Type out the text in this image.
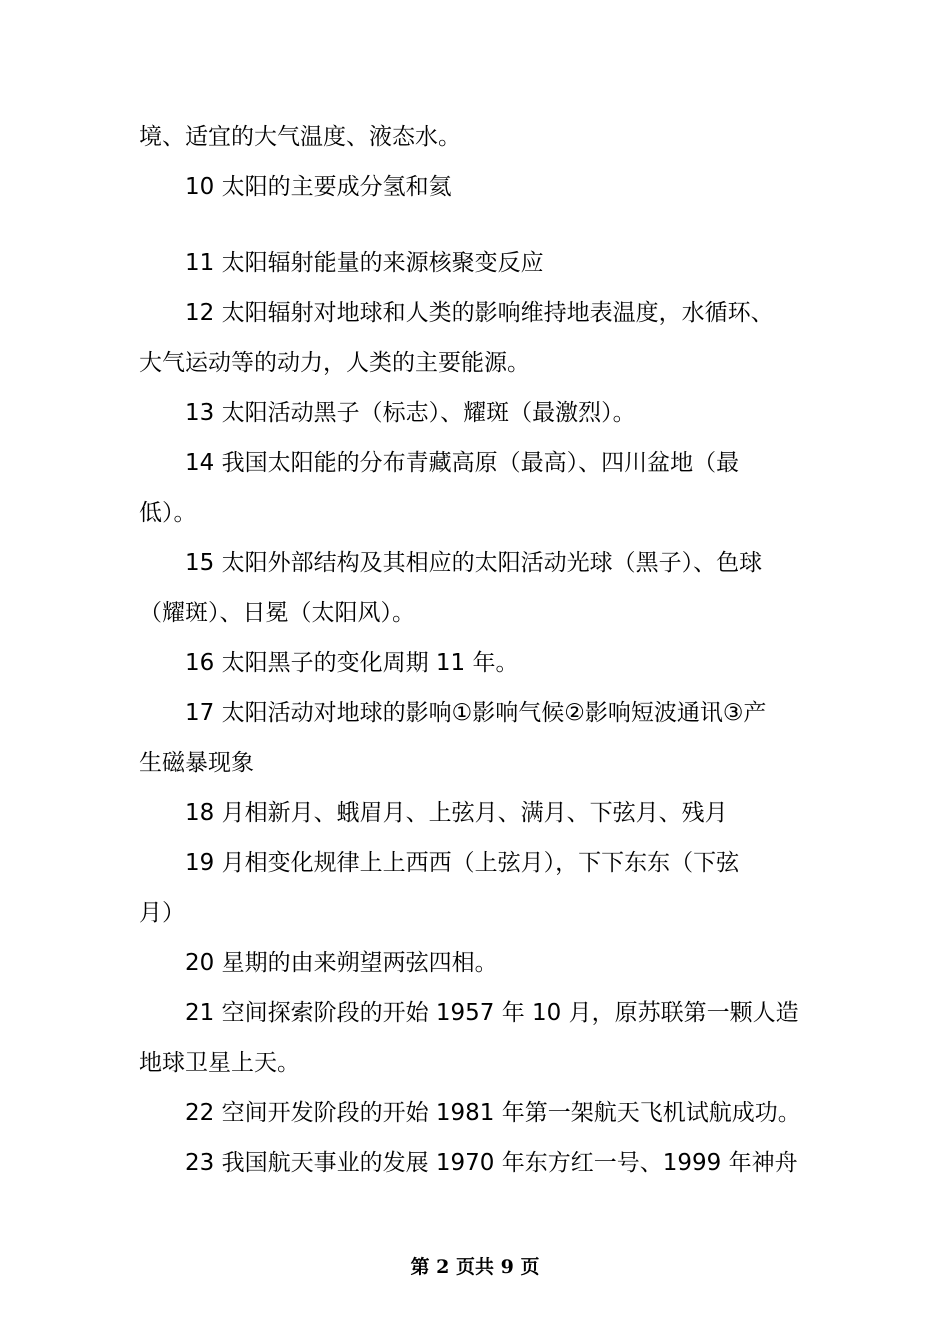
境、适宜的大气温度、液态水。
10 太阳的主要成分氢和氦
11 太阳辐射能量的来源核聚变反应
12 太阳辐射对地球和人类的影响维持地表温度，水循环、
大气运动等的动力，人类的主要能源。
13 太阳活动黑子（标志）、耀斑（最激烈）。
14 我国太阳能的分布青藏高原（最高）、四川盆地（最
低）。
15 太阳外部结构及其相应的太阳活动光球（黑子）、色球
（耀斑）、日冕（太阳风）。
16 太阳黑子的变化周期 11 年。
17 太阳活动对地球的影响①影响气候②影响短波通讯③产
生磁暴现象
18 月相新月、蛾眉月、上弦月、满月、下弦月、残月
19 月相变化规律上上西西（上弦月），下下东东（下弦
月）
20 星期的由来朔望两弦四相。
21 空间探索阶段的开始 1957 年 10 月，原苏联第一颗人造
地球卫星上天。
22 空间开发阶段的开始 1981 年第一架航天飞机试航成功。
23 我国航天事业的发展 1970 年东方红一号、1999 年神舟
第 2 页共 9 页
